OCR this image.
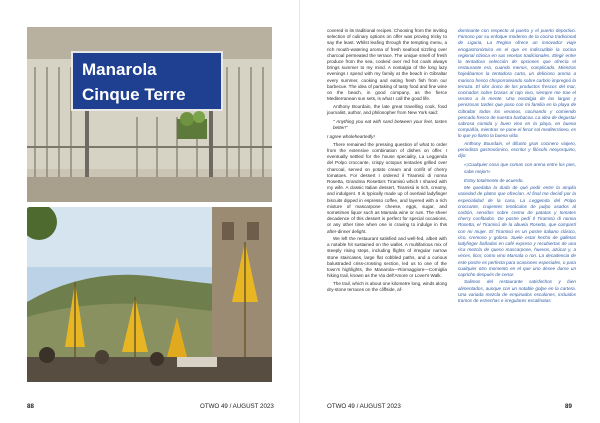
Manarola
Cinque Terre

covered in its traditional recipes. Choosing from the inviting selection of culinary options on offer was proving tricky to say the least. Whilst leafing through the tempting menu, a rich mouth-watering aroma of fresh seafood sizzling over charcoal permeated the terrace. The unique smell of fresh produce from the sea, cooked over red hot coals always brings summer to my mind. A nostalgia of the long lazy evenings I spend with my family at the beach in Gibraltar every summer, cooking and eating fresh fish from our barbecue. The idea of partaking of tasty food and fine wine on the beach, in good company, as the fierce Mediterranean sun sets, is what I call the good life.

Anthony Bourdain, the late great travelling cook, food journalist, author, and philosopher from New York said:

" Anything you eat with sand between your feet, tastes better!"

I agree wholeheartedly!

There remained the pressing question of what to order from the extensive combination of dishes on offer. I eventually settled for the house speciality, La Leggenda del Polpo croccante, crispy octopus tentacles grilled over charcoal, served on potato cream and confit of cherry tomatoes. For dessert I ordered il Tiramisù di nonna Rosetta, Grandma Rosetta's Tiramisù which I shared with my wife. A classic Italian dessert, Tiramisù is rich, creamy, and indulgent. It is typically made up of overlaid ladyfinger biscuits dipped in espresso coffee, and layered with a rich mixture of mascarpone cheese, eggs, sugar, and sometimes liquor such as Marsala wine or rum. The sheer decadence of this dessert is perfect for special occasions, or any other time when one is craving to indulge in this after-dinner delight.

We left the restaurant satisfied and well-fed, albeit with a notable hit sustained on the wallet. A multifarious mix of steeply rising steps, including flights of irregular narrow stone staircases, large flat cobbled paths, and a curious balustraded criss-crossing section, led us to one of the town's highlights, the Manarola—Riomaggiore—Corniglia hiking trail, known as the Via dell'Amore or Lover's Walk.

The trail, which is about one kilometre long, winds along dry-stone terraces on the cliffside, af-

dominante con respecto al puerto y el puerto deportivo. Famoso por su enfoque moderno de la cocina tradicional de Liguria, La Regina ofrece un innovador viaje enogastronómico en el que es indiscutible la cocina regional clásica en sus recetas tradicionales. Elegir entre la tentadora selección de opciones que ofrecía el restaurante era, cuando menos, complicado. Mientras hojeábamos la tentadora carta, un delicioso aroma a marisco fresco chisporroteando sobre carbón impregnó la terraza. El olor único de los productos frescos del mar, cocinados sobre brasas al rojo vivo, siempre me trae el verano a la mente. Una nostalgia de las largas y perezosas tardes que paso con mi familia en la playa de Gibraltar todos los veranos, cocinando y comiendo pescado fresco de nuestra barbacoa. La idea de degustar sabrosa comida y buen vino en la playa, en buena compañía, mientras se pone el feroz sol mediterráneo, es lo que yo llamo la buena vida.

Anthony Bourdain, el difunto gran cocinero viajero, periodista gastronómico, escritor y filósofo neoyorquino, dijo:

«¡Cualquier cosa que comas con arena entre los pies, sabe mejor!»

Estoy totalmente de acuerdo.

Me quedaba la duda de qué pedir entre la amplia variedad de platos que ofrecían. Al final me decidí por la especialidad de la casa, La Leggenda del Polpo croccante, crujientes tentáculos de pulpo asados al carbón, servidos sobre crema de patatas y tomates cherry confitados. De postre pedí Il Tiramisù di nonna Rosetta, el Tiramisú de la abuela Rosetta, que compartí con mi mujer. El Tiramisú es un postre italiano clásico, rico, cremoso y goloso. Suele estar hecho de galletas ladyfinger bañadas en café expreso y recubiertas de una rica mezcla de queso mascarpone, huevos, azúcar y, a veces, licor, como vino Marsala o ron. La decadencia de este postre es perfecta para ocasiones especiales, o para cualquier otro momento en el que uno desee darse un capricho después de cenar.

Salimos del restaurante satisfechos y bien alimentados, aunque con un notable golpe en la cartera. Una variada mezcla de empinados escalones, incluidos tramos de estrechas e irregulares escalinatas

88	OTWO 49 / AUGUST 2023	OTWO 49 / AUGUST 2023	89
